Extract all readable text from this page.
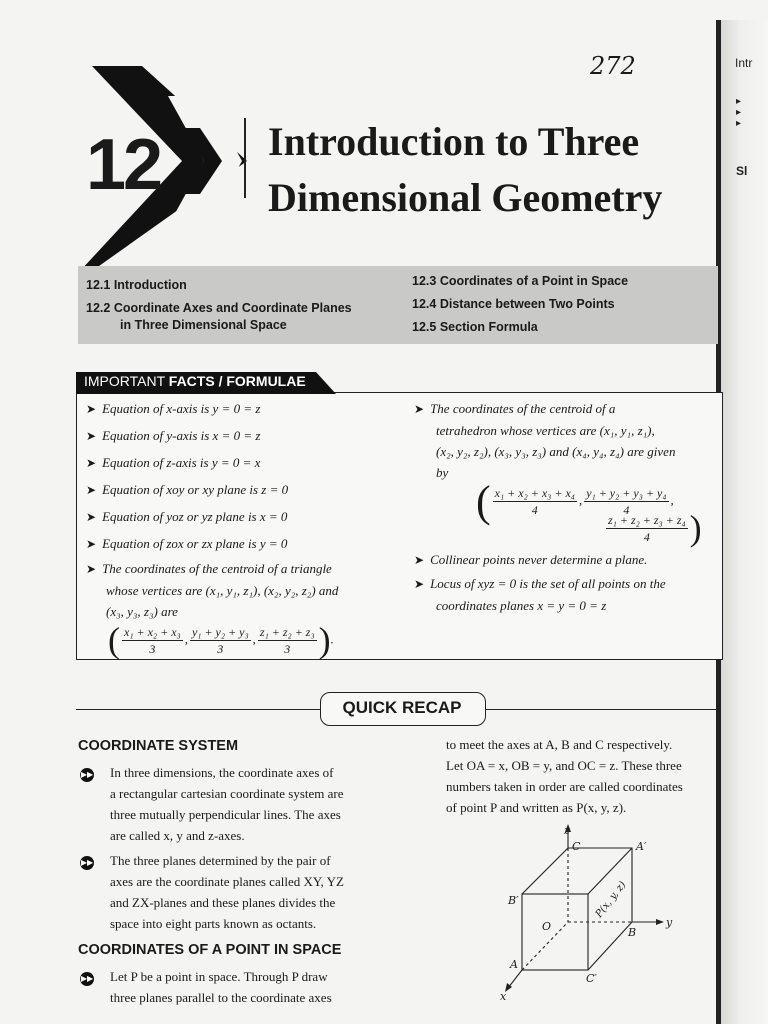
Intr
▸
▸
▸
Sl
272
12	Introduction to Three
Dimensional Geometry
12.1 Introduction
12.2 Coordinate Axes and Coordinate Planes
in Three Dimensional Space
12.3 Coordinates of a Point in Space
12.4 Distance between Two Points
12.5 Section Formula
IMPORTANT FACTS / FORMULAE
➤ Equation of x-axis is y = 0 = z
➤ Equation of y-axis is x = 0 = z
➤ Equation of z-axis is y = 0 = x
➤ Equation of xoy or xy plane is z = 0
➤ Equation of yoz or yz plane is x = 0
➤ Equation of zox or zx plane is y = 0
➤ The coordinates of the centroid of a triangle
whose vertices are (x₁, y₁, z₁), (x₂, y₂, z₂) and
(x₃, y₃, z₃) are
( $\frac{\text{x₁ + x₂ + x₃}}{3}$ , $\frac{\text{y₁ + y₂ + y₃}}{3}$ , $\frac{\text{z₁ + z₂ + z₃}}{3}$ ).
➤ The coordinates of the centroid of a
tetrahedron whose vertices are (x₁, y₁, z₁),
(x₂, y₂, z₂), (x₃, y₃, z₃) and (x₄, y₄, z₄) are given
by
( $\frac{\text{x₁ + x₂ + x₃ + x₄}}{4}$ , $\frac{\text{y₁ + y₂ + y₃ + y₄}}{4}$ ,
$\frac{\text{z₁ + z₂ + z₃ + z₄}}{4}$ )
➤ Collinear points never determine a plane.
➤ Locus of xyz = 0 is the set of all points on the
coordinates planes x = y = 0 = z
QUICK RECAP
COORDINATE SYSTEM
▶▶ In three dimensions, the coordinate axes of
a rectangular cartesian coordinate system are
three mutually perpendicular lines. The axes
are called x, y and z-axes.
▶▶ The three planes determined by the pair of
axes are the coordinate planes called XY, YZ
and ZX-planes and these planes divides the
space into eight parts known as octants.
COORDINATES OF A POINT IN SPACE
▶▶ Let P be a point in space. Through P draw
three planes parallel to the coordinate axes
to meet the axes at A, B and C respectively.
Let OA = x, OB = y, and OC = z. These three
numbers taken in order are called coordinates
of point P and written as P(x, y, z).
z
y
x
O
A
B
C	A′
B′
C′
P(x, y, z)
